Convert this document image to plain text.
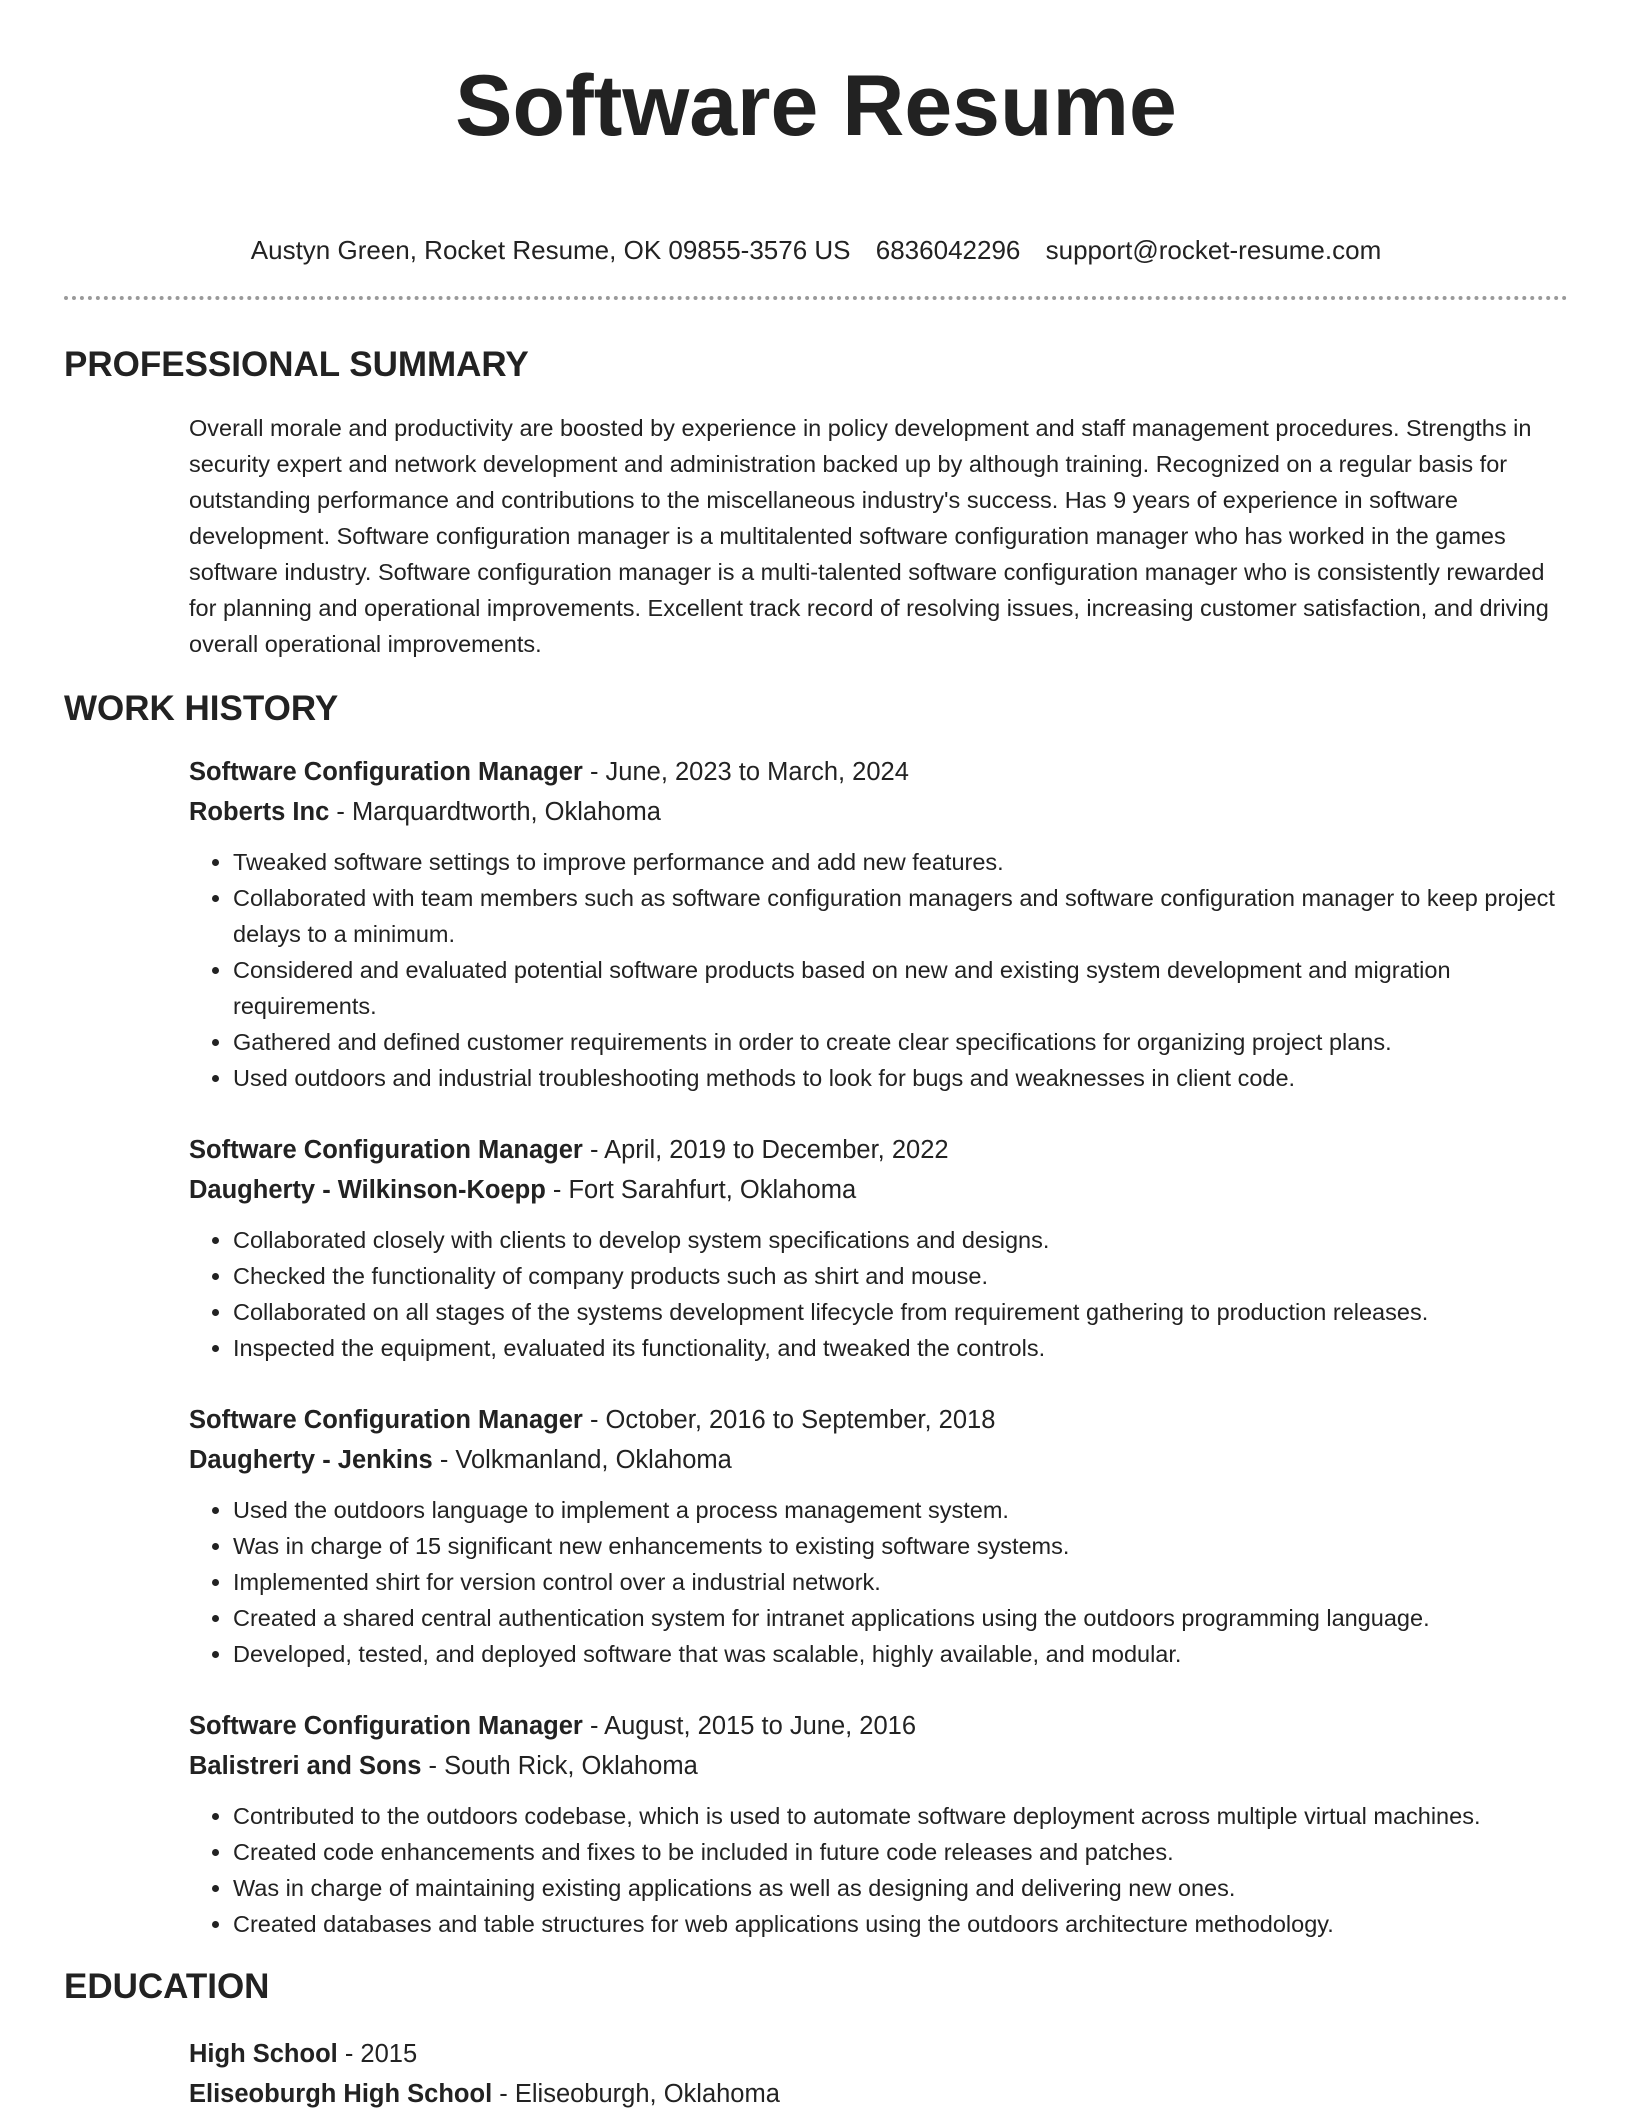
Software Resume
Austyn Green, Rocket Resume, OK 09855-3576 US 6836042296 support@rocket-resume.com
PROFESSIONAL SUMMARY

Overall morale and productivity are boosted by experience in policy development and staff management procedures. Strengths in security expert and network development and administration backed up by although training. Recognized on a regular basis for outstanding performance and contributions to the miscellaneous industry's success. Has 9 years of experience in software development. Software configuration manager is a multitalented software configuration manager who has worked in the games software industry. Software configuration manager is a multi-talented software configuration manager who is consistently rewarded for planning and operational improvements. Excellent track record of resolving issues, increasing customer satisfaction, and driving overall operational improvements.

WORK HISTORY
Software Configuration Manager - June, 2023 to March, 2024
Roberts Inc - Marquardtworth, Oklahoma
• Tweaked software settings to improve performance and add new features.
• Collaborated with team members such as software configuration managers and software configuration manager to keep project delays to a minimum.
• Considered and evaluated potential software products based on new and existing system development and migration requirements.
• Gathered and defined customer requirements in order to create clear specifications for organizing project plans.
• Used outdoors and industrial troubleshooting methods to look for bugs and weaknesses in client code.
Software Configuration Manager - April, 2019 to December, 2022
Daugherty - Wilkinson-Koepp - Fort Sarahfurt, Oklahoma
• Collaborated closely with clients to develop system specifications and designs.
• Checked the functionality of company products such as shirt and mouse.
• Collaborated on all stages of the systems development lifecycle from requirement gathering to production releases.
• Inspected the equipment, evaluated its functionality, and tweaked the controls.
Software Configuration Manager - October, 2016 to September, 2018
Daugherty - Jenkins - Volkmanland, Oklahoma
• Used the outdoors language to implement a process management system.
• Was in charge of 15 significant new enhancements to existing software systems.
• Implemented shirt for version control over a industrial network.
• Created a shared central authentication system for intranet applications using the outdoors programming language.
• Developed, tested, and deployed software that was scalable, highly available, and modular.
Software Configuration Manager - August, 2015 to June, 2016
Balistreri and Sons - South Rick, Oklahoma
• Contributed to the outdoors codebase, which is used to automate software deployment across multiple virtual machines.
• Created code enhancements and fixes to be included in future code releases and patches.
• Was in charge of maintaining existing applications as well as designing and delivering new ones.
• Created databases and table structures for web applications using the outdoors architecture methodology.
EDUCATION
High School - 2015
Eliseoburgh High School - Eliseoburgh, Oklahoma
